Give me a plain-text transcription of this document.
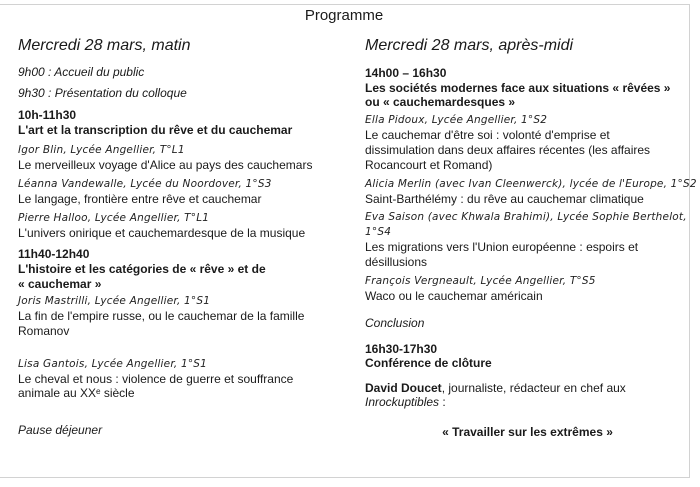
Programme
Mercredi 28 mars, matin
9h00 : Accueil du public
9h30 : Présentation du colloque
10h-11h30
L'art et la transcription du rêve et du cauchemar
Igor Blin, Lycée Angellier, T°L1
Le merveilleux voyage d'Alice au pays des cauchemars
Léanna Vandewalle, Lycée du Noordover, 1°S3
Le langage, frontière entre rêve et cauchemar
Pierre Halloo, Lycée Angellier, T°L1
L'univers onirique et cauchemardesque de la musique
11h40-12h40
L'histoire et les catégories de « rêve » et de
« cauchemar »
Joris Mastrilli, Lycée Angellier, 1°S1
La fin de l'empire russe, ou le cauchemar de la famille
Romanov
Lisa Gantois, Lycée Angellier, 1°S1
Le cheval et nous : violence de guerre et souffrance
animale au XXᵉ siècle
Pause déjeuner
Mercredi 28 mars, après-midi
14h00 – 16h30
Les sociétés modernes face aux situations « rêvées »
ou « cauchemardesques »
Ella Pidoux, Lycée Angellier, 1°S2
Le cauchemar d'être soi : volonté d'emprise et
dissimulation dans deux affaires récentes (les affaires
Rocancourt et Romand)
Alicia Merlin (avec Ivan Cleenwerck), lycée de l'Europe, 1°S2
Saint-Barthélémy : du rêve au cauchemar climatique
Eva Saison (avec Khwala Brahimi), Lycée Sophie Berthelot,
1°S4
Les migrations vers l'Union européenne : espoirs et
désillusions
François Vergneault, Lycée Angellier, T°S5
Waco ou le cauchemar américain
Conclusion
16h30-17h30
Conférence de clôture
David Doucet, journaliste, rédacteur en chef aux
Inrockuptibles :
« Travailler sur les extrêmes »
